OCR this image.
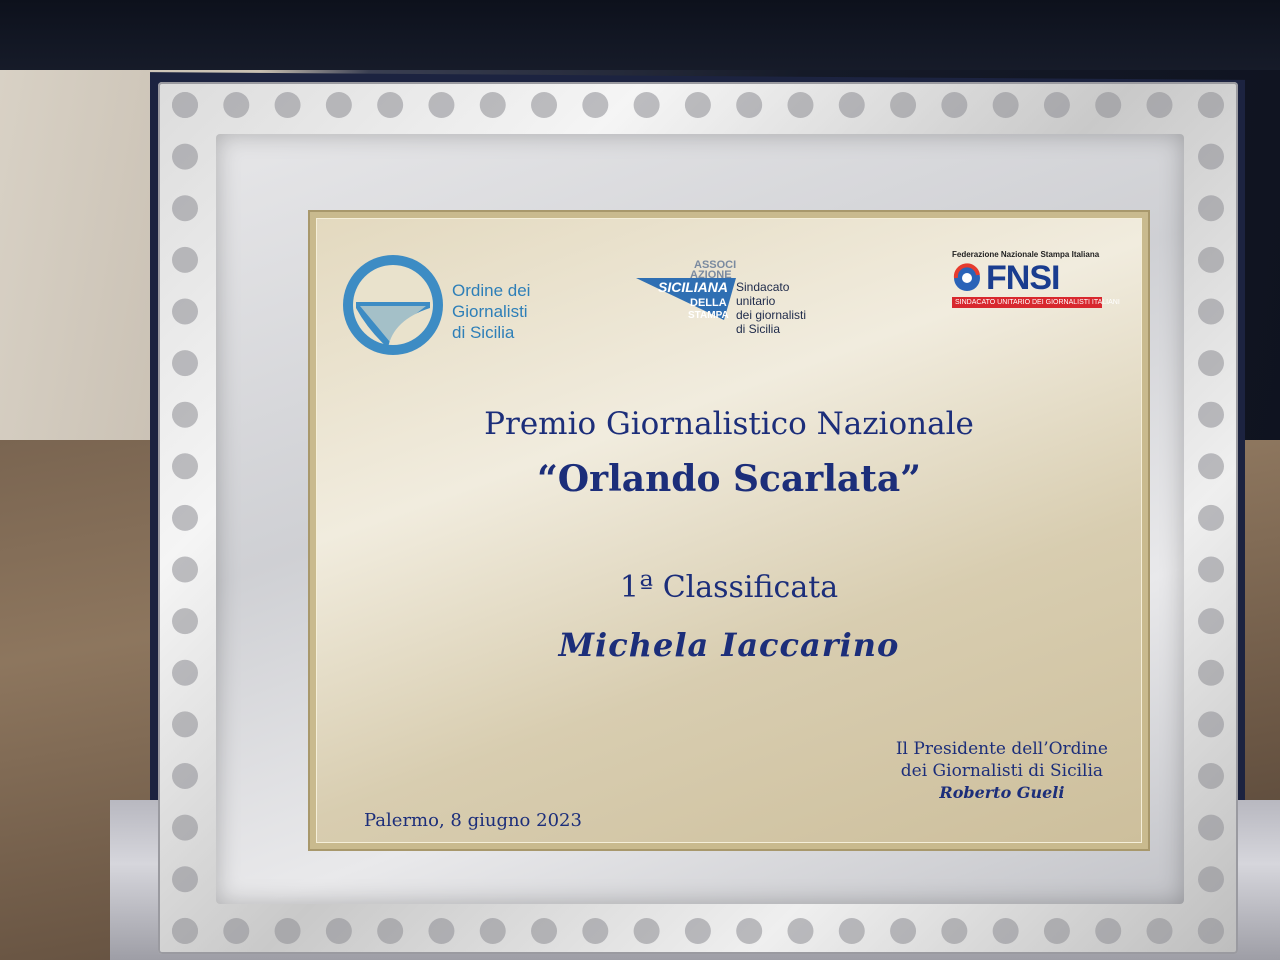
Ordine dei
Giornalisti
di Sicilia
ASSOCI
AZIONE
SICILIANA
DELLA
STAMPA
Sindacato
unitario
dei giornalisti
di Sicilia
Federazione Nazionale Stampa Italiana
FNSI
SINDACATO UNITARIO DEI GIORNALISTI ITALIANI
Premio Giornalistico Nazionale
“Orlando Scarlata”
1ª Classificata
Michela Iaccarino
Palermo, 8 giugno 2023
Il Presidente dell’Ordine
dei Giornalisti di Sicilia
Roberto Gueli
